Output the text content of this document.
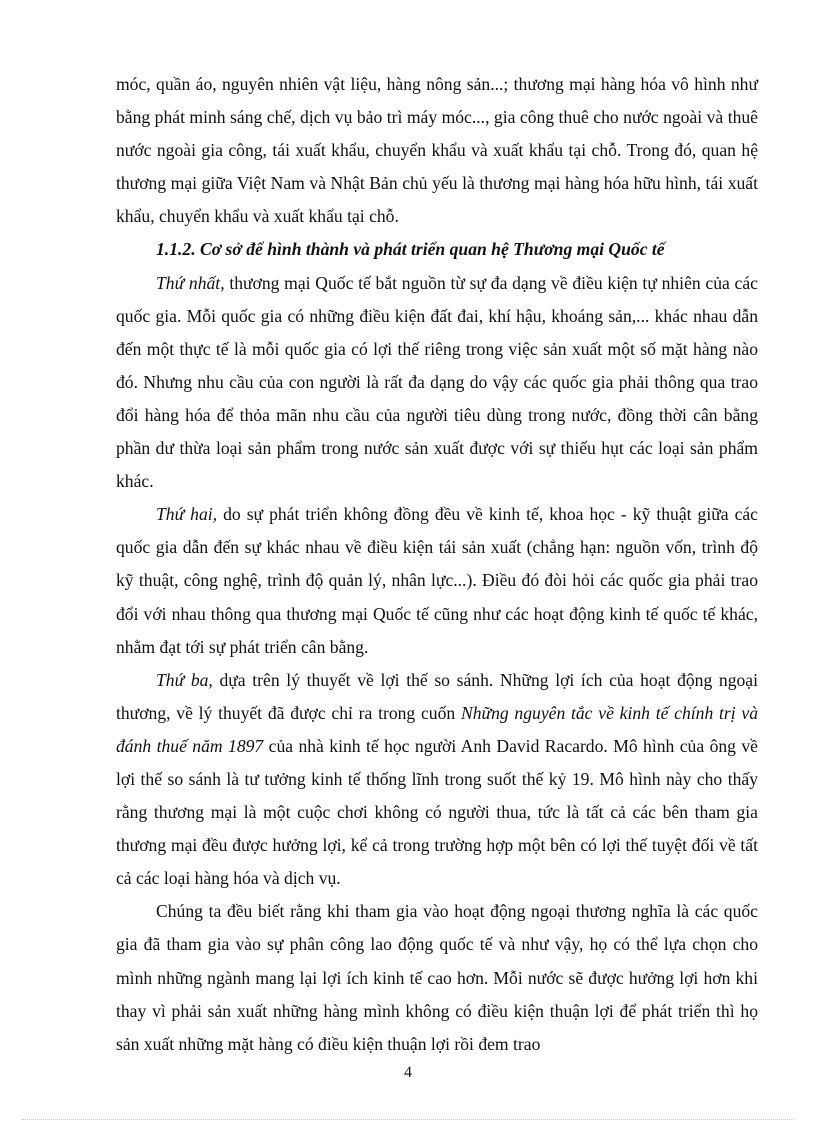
móc, quần áo, nguyên nhiên vật liệu, hàng nông sản...; thương mại hàng hóa vô hình như bằng phát minh sáng chế, dịch vụ bảo trì máy móc..., gia công thuê cho nước ngoài và thuê nước ngoài gia công, tái xuất khẩu, chuyển khẩu và xuất khẩu tại chỗ. Trong đó, quan hệ thương mại giữa Việt Nam và Nhật Bản chủ yếu là thương mại hàng hóa hữu hình, tái xuất khẩu, chuyển khẩu và xuất khẩu tại chỗ.

1.1.2. Cơ sở để hình thành và phát triển quan hệ Thương mại Quốc tế

Thứ nhất, thương mại Quốc tế bắt nguồn từ sự đa dạng về điều kiện tự nhiên của các quốc gia. Mỗi quốc gia có những điều kiện đất đai, khí hậu, khoáng sản,... khác nhau dẫn đến một thực tế là mỗi quốc gia có lợi thế riêng trong việc sản xuất một số mặt hàng nào đó. Nhưng nhu cầu của con người là rất đa dạng do vậy các quốc gia phải thông qua trao đổi hàng hóa để thỏa mãn nhu cầu của người tiêu dùng trong nước, đồng thời cân bằng phần dư thừa loại sản phẩm trong nước sản xuất được với sự thiếu hụt các loại sản phẩm khác.

Thứ hai, do sự phát triển không đồng đều về kinh tế, khoa học - kỹ thuật giữa các quốc gia dẫn đến sự khác nhau về điều kiện tái sản xuất (chẳng hạn: nguồn vốn, trình độ kỹ thuật, công nghệ, trình độ quản lý, nhân lực...). Điều đó đòi hỏi các quốc gia phải trao đổi với nhau thông qua thương mại Quốc tế cũng như các hoạt động kinh tế quốc tế khác, nhằm đạt tới sự phát triển cân bằng.

Thứ ba, dựa trên lý thuyết về lợi thế so sánh. Những lợi ích của hoạt động ngoại thương, về lý thuyết đã được chỉ ra trong cuốn Những nguyên tắc về kinh tế chính trị và đánh thuế năm 1897 của nhà kinh tế học người Anh David Racardo. Mô hình của ông về lợi thế so sánh là tư tưởng kinh tế thống lĩnh trong suốt thế kỷ 19. Mô hình này cho thấy rằng thương mại là một cuộc chơi không có người thua, tức là tất cả các bên tham gia thương mại đều được hưởng lợi, kể cả trong trường hợp một bên có lợi thế tuyệt đối về tất cả các loại hàng hóa và dịch vụ.

Chúng ta đều biết rằng khi tham gia vào hoạt động ngoại thương nghĩa là các quốc gia đã tham gia vào sự phân công lao động quốc tế và như vậy, họ có thể lựa chọn cho mình những ngành mang lại lợi ích kinh tế cao hơn. Mỗi nước sẽ được hưởng lợi hơn khi thay vì phải sản xuất những hàng mình không có điều kiện thuận lợi để phát triển thì họ sản xuất những mặt hàng có điều kiện thuận lợi rồi đem trao

4
